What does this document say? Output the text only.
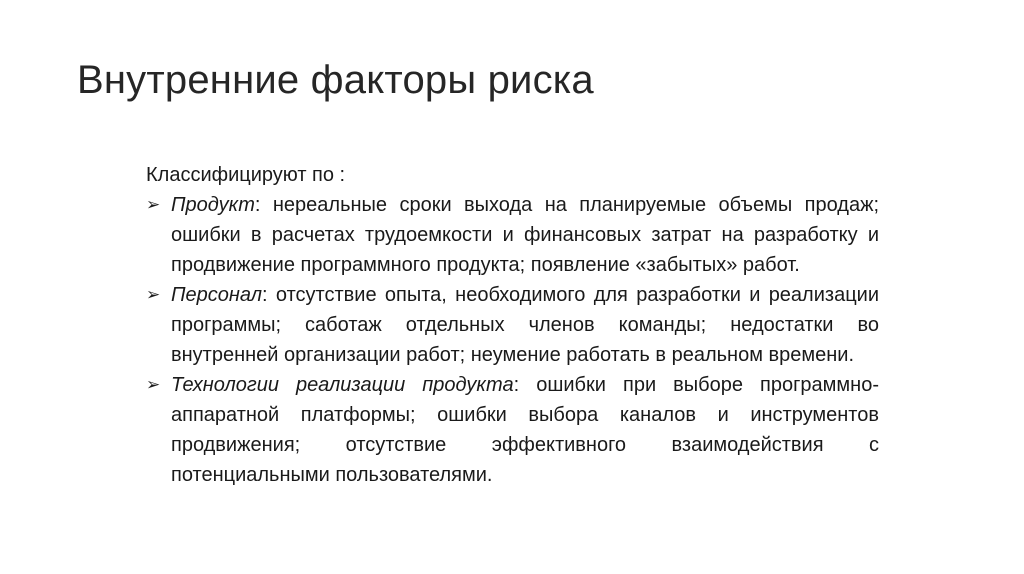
Внутренние факторы риска

Классифицируют по :

➢ Продукт: нереальные сроки выхода на планируемые объемы продаж; ошибки в расчетах трудоемкости и финансовых затрат на разработку и продвижение программного продукта; появление «забытых» работ.
➢ Персонал: отсутствие опыта, необходимого для разработки и реализации программы; саботаж отдельных членов команды; недостатки во внутренней организации работ; неумение работать в реальном времени.
➢ Технологии реализации продукта: ошибки при выборе программно-аппаратной платформы; ошибки выбора каналов и инструментов продвижения; отсутствие эффективного взаимодействия с потенциальными пользователями.
